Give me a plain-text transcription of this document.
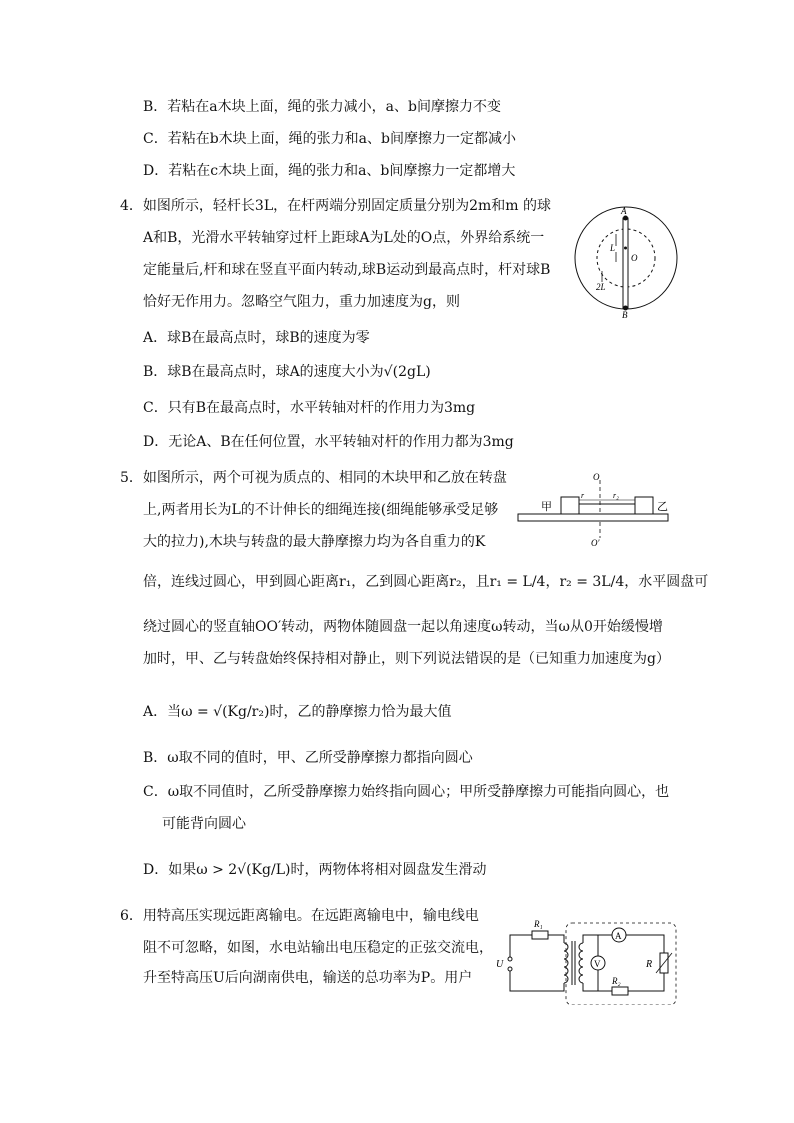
B．若粘在a木块上面，绳的张力减小，a、b间摩擦力不变
C．若粘在b木块上面，绳的张力和a、b间摩擦力一定都减小
D．若粘在c木块上面，绳的张力和a、b间摩擦力一定都增大
4．如图所示，轻杆长3L，在杆两端分别固定质量分别为2m和m 的球
A和B，光滑水平转轴穿过杆上距球A为L处的O点，外界给系统一
定能量后,杆和球在竖直平面内转动,球B运动到最高点时，杆对球B
恰好无作用力。忽略空气阻力，重力加速度为g，则
A．球B在最高点时，球B的速度为零
B．球B在最高点时，球A的速度大小为√(2gL)
C．只有B在最高点时，水平转轴对杆的作用力为3mg
D．无论A、B在任何位置，水平转轴对杆的作用力都为3mg
A
L
O
2L
B
5．如图所示，两个可视为质点的、相同的木块甲和乙放在转盘
上,两者用长为L的不计伸长的细绳连接(细绳能够承受足够
大的拉力),木块与转盘的最大静摩擦力均为各自重力的K
倍，连线过圆心，甲到圆心距离r₁，乙到圆心距离r₂，且r₁ = L/4，r₂ = 3L/4，水平圆盘可
绕过圆心的竖直轴OO′转动，两物体随圆盘一起以角速度ω转动，当ω从0开始缓慢增
加时，甲、乙与转盘始终保持相对静止，则下列说法错误的是（已知重力加速度为g）
A．当ω = √(Kg/r₂)时，乙的静摩擦力恰为最大值
B．ω取不同的值时，甲、乙所受静摩擦力都指向圆心
C．ω取不同值时，乙所受静摩擦力始终指向圆心；甲所受静摩擦力可能指向圆心，也
可能背向圆心
D．如果ω > 2√(Kg/L)时，两物体将相对圆盘发生滑动
O
O′
甲	乙
r	r₂
6．用特高压实现远距离输电。在远距离输电中，输电线电
阻不可忽略，如图，水电站输出电压稳定的正弦交流电，
升至特高压U后向湖南供电，输送的总功率为P。用户
R₁
U
A
V	R
R₂
